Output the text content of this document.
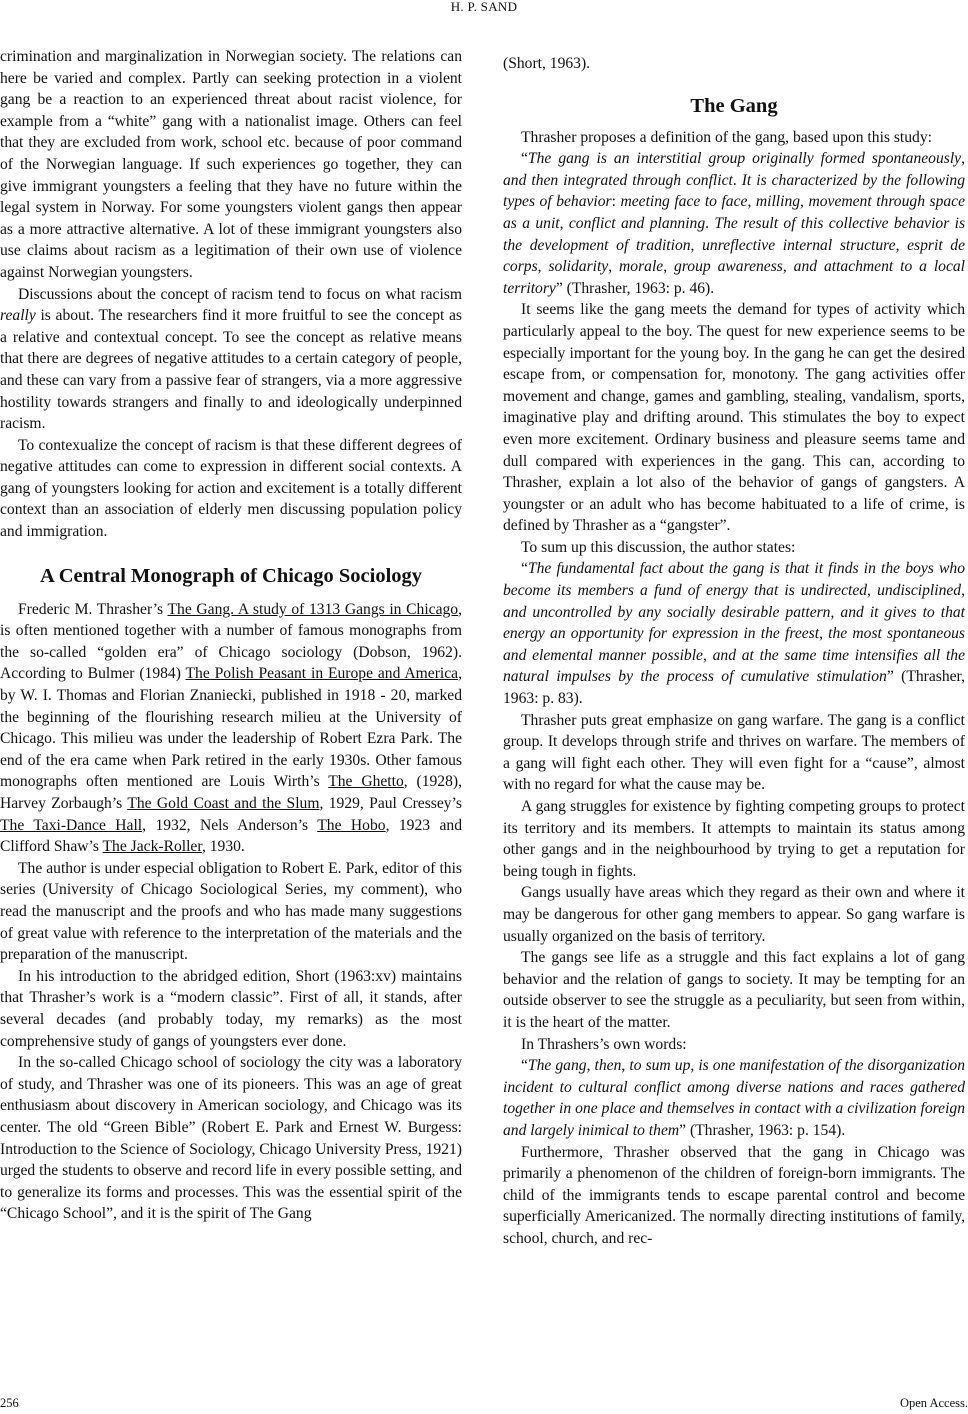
H. P. SAND

crimination and marginalization in Norwegian society. The relations can here be varied and complex. Partly can seeking protection in a violent gang be a reaction to an experienced threat about racist violence, for example from a “white” gang with a nationalist image. Others can feel that they are excluded from work, school etc. because of poor command of the Norwegian language. If such experiences go together, they can give immigrant youngsters a feeling that they have no future within the legal system in Norway. For some youngsters violent gangs then appear as a more attractive alternative. A lot of these immigrant youngsters also use claims about racism as a legitimation of their own use of violence against Norwegian youngsters.

Discussions about the concept of racism tend to focus on what racism really is about. The researchers find it more fruitful to see the concept as a relative and contextual concept. To see the concept as relative means that there are degrees of negative attitudes to a certain category of people, and these can vary from a passive fear of strangers, via a more aggressive hostility towards strangers and finally to and ideologically underpinned racism.

To contexualize the concept of racism is that these different degrees of negative attitudes can come to expression in different social contexts. A gang of youngsters looking for action and excitement is a totally different context than an association of elderly men discussing population policy and immigration.

A Central Monograph of Chicago Sociology

Frederic M. Thrasher’s The Gang. A study of 1313 Gangs in Chicago, is often mentioned together with a number of famous monographs from the so-called “golden era” of Chicago sociology (Dobson, 1962). According to Bulmer (1984) The Polish Peasant in Europe and America, by W. I. Thomas and Florian Znaniecki, published in 1918 - 20, marked the beginning of the flourishing research milieu at the University of Chicago. This milieu was under the leadership of Robert Ezra Park. The end of the era came when Park retired in the early 1930s. Other famous monographs often mentioned are Louis Wirth’s The Ghetto, (1928), Harvey Zorbaugh’s The Gold Coast and the Slum, 1929, Paul Cressey’s The Taxi-Dance Hall, 1932, Nels Anderson’s The Hobo, 1923 and Clifford Shaw’s The Jack-Roller, 1930.

The author is under especial obligation to Robert E. Park, editor of this series (University of Chicago Sociological Series, my comment), who read the manuscript and the proofs and who has made many suggestions of great value with reference to the interpretation of the materials and the preparation of the manuscript.

In his introduction to the abridged edition, Short (1963:xv) maintains that Thrasher’s work is a “modern classic”. First of all, it stands, after several decades (and probably today, my remarks) as the most comprehensive study of gangs of youngsters ever done.

In the so-called Chicago school of sociology the city was a laboratory of study, and Thrasher was one of its pioneers. This was an age of great enthusiasm about discovery in American sociology, and Chicago was its center. The old “Green Bible” (Robert E. Park and Ernest W. Burgess: Introduction to the Science of Sociology, Chicago University Press, 1921) urged the students to observe and record life in every possible setting, and to generalize its forms and processes. This was the essential spirit of the “Chicago School”, and it is the spirit of The Gang

(Short, 1963).

The Gang

Thrasher proposes a definition of the gang, based upon this study:

“The gang is an interstitial group originally formed spontaneously, and then integrated through conflict. It is characterized by the following types of behavior: meeting face to face, milling, movement through space as a unit, conflict and planning. The result of this collective behavior is the development of tradition, unreflective internal structure, esprit de corps, solidarity, morale, group awareness, and attachment to a local territory” (Thrasher, 1963: p. 46).

It seems like the gang meets the demand for types of activity which particularly appeal to the boy. The quest for new experience seems to be especially important for the young boy. In the gang he can get the desired escape from, or compensation for, monotony. The gang activities offer movement and change, games and gambling, stealing, vandalism, sports, imaginative play and drifting around. This stimulates the boy to expect even more excitement. Ordinary business and pleasure seems tame and dull compared with experiences in the gang. This can, according to Thrasher, explain a lot also of the behavior of gangs of gangsters. A youngster or an adult who has become habituated to a life of crime, is defined by Thrasher as a “gangster”.

To sum up this discussion, the author states:

“The fundamental fact about the gang is that it finds in the boys who become its members a fund of energy that is undirected, undisciplined, and uncontrolled by any socially desirable pattern, and it gives to that energy an opportunity for expression in the freest, the most spontaneous and elemental manner possible, and at the same time intensifies all the natural impulses by the process of cumulative stimulation” (Thrasher, 1963: p. 83).

Thrasher puts great emphasize on gang warfare. The gang is a conflict group. It develops through strife and thrives on warfare. The members of a gang will fight each other. They will even fight for a “cause”, almost with no regard for what the cause may be.

A gang struggles for existence by fighting competing groups to protect its territory and its members. It attempts to maintain its status among other gangs and in the neighbourhood by trying to get a reputation for being tough in fights.

Gangs usually have areas which they regard as their own and where it may be dangerous for other gang members to appear. So gang warfare is usually organized on the basis of territory.

The gangs see life as a struggle and this fact explains a lot of gang behavior and the relation of gangs to society. It may be tempting for an outside observer to see the struggle as a peculiarity, but seen from within, it is the heart of the matter.

In Thrashers’s own words:

“The gang, then, to sum up, is one manifestation of the disorganization incident to cultural conflict among diverse nations and races gathered together in one place and themselves in contact with a civilization foreign and largely inimical to them” (Thrasher, 1963: p. 154).

Furthermore, Thrasher observed that the gang in Chicago was primarily a phenomenon of the children of foreign-born immigrants. The child of the immigrants tends to escape parental control and become superficially Americanized. The normally directing institutions of family, school, church, and rec-

256	Open Access.
